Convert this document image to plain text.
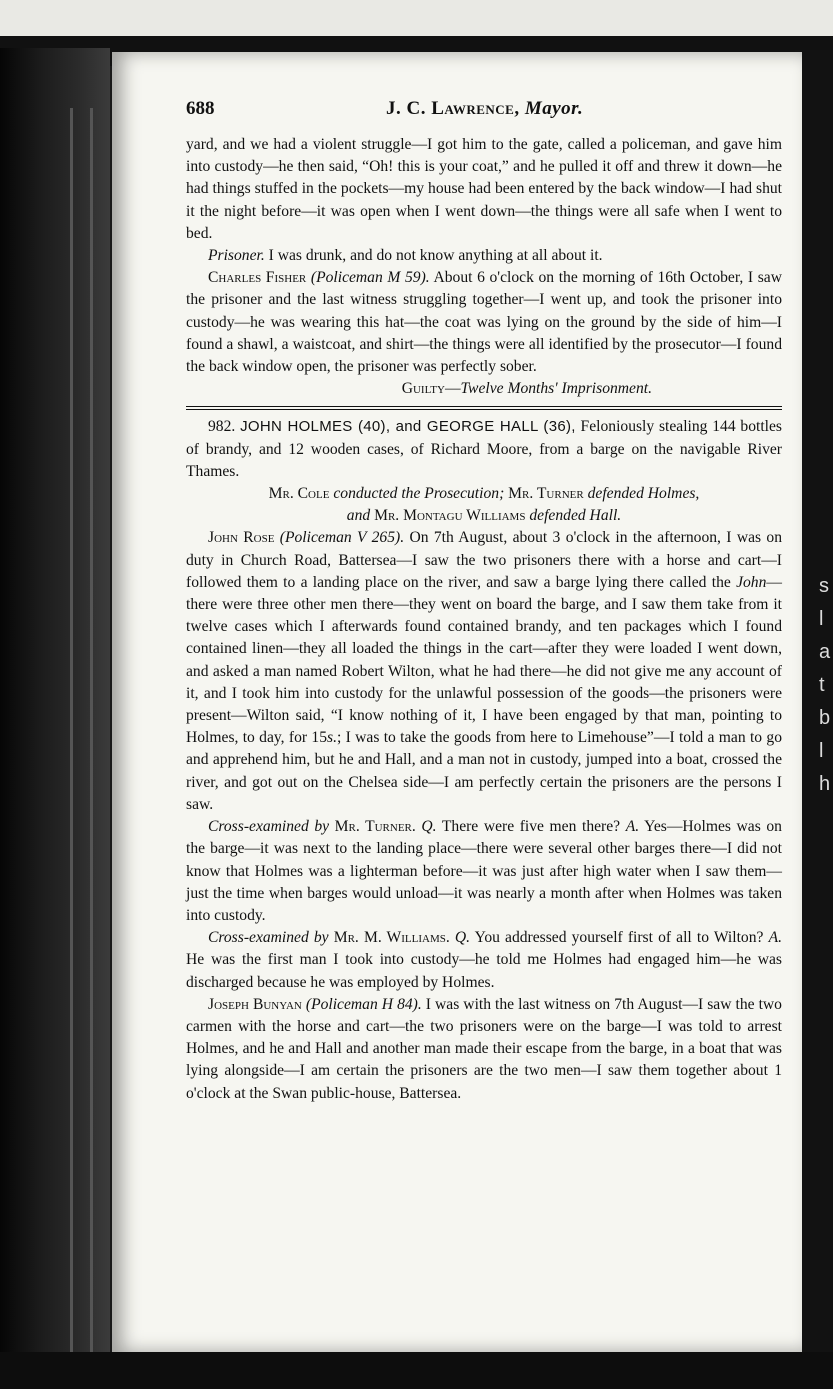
s
l
a
t
b
l
h
688	J. C. Lawrence, Mayor.

yard, and we had a violent struggle—I got him to the gate, called a policeman, and gave him into custody—he then said, “Oh! this is your coat,” and he pulled it off and threw it down—he had things stuffed in the pockets—my house had been entered by the back window—I had shut it the night before—it was open when I went down—the things were all safe when I went to bed.

Prisoner. I was drunk, and do not know anything at all about it.

Charles Fisher (Policeman M 59). About 6 o'clock on the morning of 16th October, I saw the prisoner and the last witness struggling together—I went up, and took the prisoner into custody—he was wearing this hat—the coat was lying on the ground by the side of him—I found a shawl, a waistcoat, and shirt—the things were all identified by the prosecutor—I found the back window open, the prisoner was perfectly sober.

Guilty—Twelve Months' Imprisonment.

982. JOHN HOLMES (40), and GEORGE HALL (36), Feloniously stealing 144 bottles of brandy, and 12 wooden cases, of Richard Moore, from a barge on the navigable River Thames.

Mr. Cole conducted the Prosecution; Mr. Turner defended Holmes,
and Mr. Montagu Williams defended Hall.

John Rose (Policeman V 265). On 7th August, about 3 o'clock in the afternoon, I was on duty in Church Road, Battersea—I saw the two prisoners there with a horse and cart—I followed them to a landing place on the river, and saw a barge lying there called the John—there were three other men there—they went on board the barge, and I saw them take from it twelve cases which I afterwards found contained brandy, and ten packages which I found contained linen—they all loaded the things in the cart—after they were loaded I went down, and asked a man named Robert Wilton, what he had there—he did not give me any account of it, and I took him into custody for the unlawful possession of the goods—the prisoners were present—Wilton said, “I know nothing of it, I have been engaged by that man, pointing to Holmes, to day, for 15s.; I was to take the goods from here to Limehouse”—I told a man to go and apprehend him, but he and Hall, and a man not in custody, jumped into a boat, crossed the river, and got out on the Chelsea side—I am perfectly certain the prisoners are the persons I saw.

Cross-examined by Mr. Turner. Q. There were five men there? A. Yes—Holmes was on the barge—it was next to the landing place—there were several other barges there—I did not know that Holmes was a lighterman before—it was just after high water when I saw them—just the time when barges would unload—it was nearly a month after when Holmes was taken into custody.

Cross-examined by Mr. M. Williams. Q. You addressed yourself first of all to Wilton? A. He was the first man I took into custody—he told me Holmes had engaged him—he was discharged because he was employed by Holmes.

Joseph Bunyan (Policeman H 84). I was with the last witness on 7th August—I saw the two carmen with the horse and cart—the two prisoners were on the barge—I was told to arrest Holmes, and he and Hall and another man made their escape from the barge, in a boat that was lying alongside—I am certain the prisoners are the two men—I saw them together about 1 o'clock at the Swan public-house, Battersea.
